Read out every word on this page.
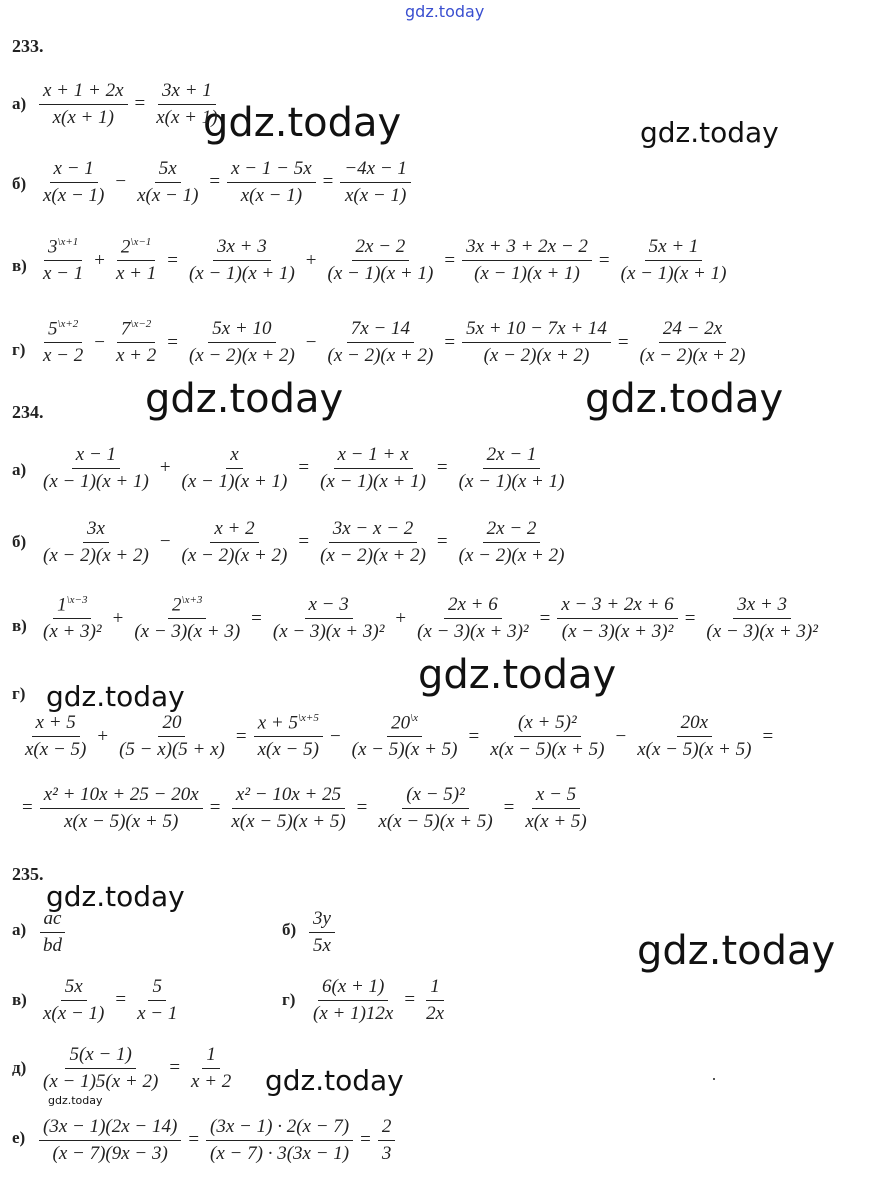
gdz.today
gdz.today	gdz.today
gdz.today	gdz.today
gdz.today
gdz.today
gdz.today
gdz.today
gdz.today
gdz.today
233.
$а) \frac{x + 1 + 2x}{x(x + 1)} = \frac{3x + 1}{x(x + 1)}$
$б) \frac{x - 1}{x(x - 1)} - \frac{5x}{x(x - 1)} = \frac{x - 1 - 5x}{x(x - 1)} = \frac{-4x - 1}{x(x - 1)}$
$в) \frac{3^{\backslash x+1}}{x - 1} + \frac{2^{\backslash x-1}}{x + 1} = \frac{3x + 3}{(x - 1)(x + 1)} + \frac{2x - 2}{(x - 1)(x + 1)} = \frac{3x + 3 + 2x - 2}{(x - 1)(x + 1)} = \frac{5x + 1}{(x - 1)(x + 1)}$
$г) \frac{5^{\backslash x+2}}{x - 2} - \frac{7^{\backslash x-2}}{x + 2} = \frac{5x + 10}{(x - 2)(x + 2)} - \frac{7x - 14}{(x - 2)(x + 2)} = \frac{5x + 10 - 7x + 14}{(x - 2)(x + 2)} = \frac{24 - 2x}{(x - 2)(x + 2)}$
234.
$а) \frac{x - 1}{(x - 1)(x + 1)} + \frac{x}{(x - 1)(x + 1)} = \frac{x - 1 + x}{(x - 1)(x + 1)} = \frac{2x - 1}{(x - 1)(x + 1)}$
$б) \frac{3x}{(x - 2)(x + 2)} - \frac{x + 2}{(x - 2)(x + 2)} = \frac{3x - x - 2}{(x - 2)(x + 2)} = \frac{2x - 2}{(x - 2)(x + 2)}$
$в) \frac{1^{\backslash x-3}}{\text{(x + 3)²}} + \frac{2^{\backslash x+3}}{(x - 3)(x + 3)} = \frac{x - 3}{\text{(x − 3)(x + 3)²}} + \frac{2x + 6}{\text{(x − 3)(x + 3)²}} = \frac{x - 3 + 2x + 6}{\text{(x − 3)(x + 3)²}} = \frac{3x + 3}{\text{(x − 3)(x + 3)²}}$
г)
$\frac{x + 5}{x(x - 5)} + \frac{20}{(5 - x)(5 + x)} = \frac{x + 5^{\backslash x+5}}{x(x - 5)} - \frac{20^{\backslash x}}{(x - 5)(x + 5)} = \frac{\text{(x + 5)²}}{x(x - 5)(x + 5)} - \frac{20x}{x(x - 5)(x + 5)}$ =
= $\frac{\text{x² + 10x + 25 − 20x}}{x(x - 5)(x + 5)} = \frac{\text{x² − 10x + 25}}{x(x - 5)(x + 5)} = \frac{\text{(x − 5)²}}{x(x - 5)(x + 5)} = \frac{x - 5}{x(x + 5)}$
235.
$а) \frac{ac}{bd}$	$б) \frac{3y}{5x}$
$в) \frac{5x}{x(x - 1)} = \frac{5}{x - 1}$	$г) \frac{6(x + 1)}{(x + 1)12x} = \frac{1}{2x}$
$д) \frac{5(x - 1)}{(x - 1)5(x + 2)} = \frac{1}{x + 2}$
$е) \frac{(3x - 1)(2x - 14)}{(x - 7)(9x - 3)} = \frac{(3x - 1) \cdot 2(x - 7)}{(x - 7) \cdot 3(3x - 1)} = \frac{2}{3}$
